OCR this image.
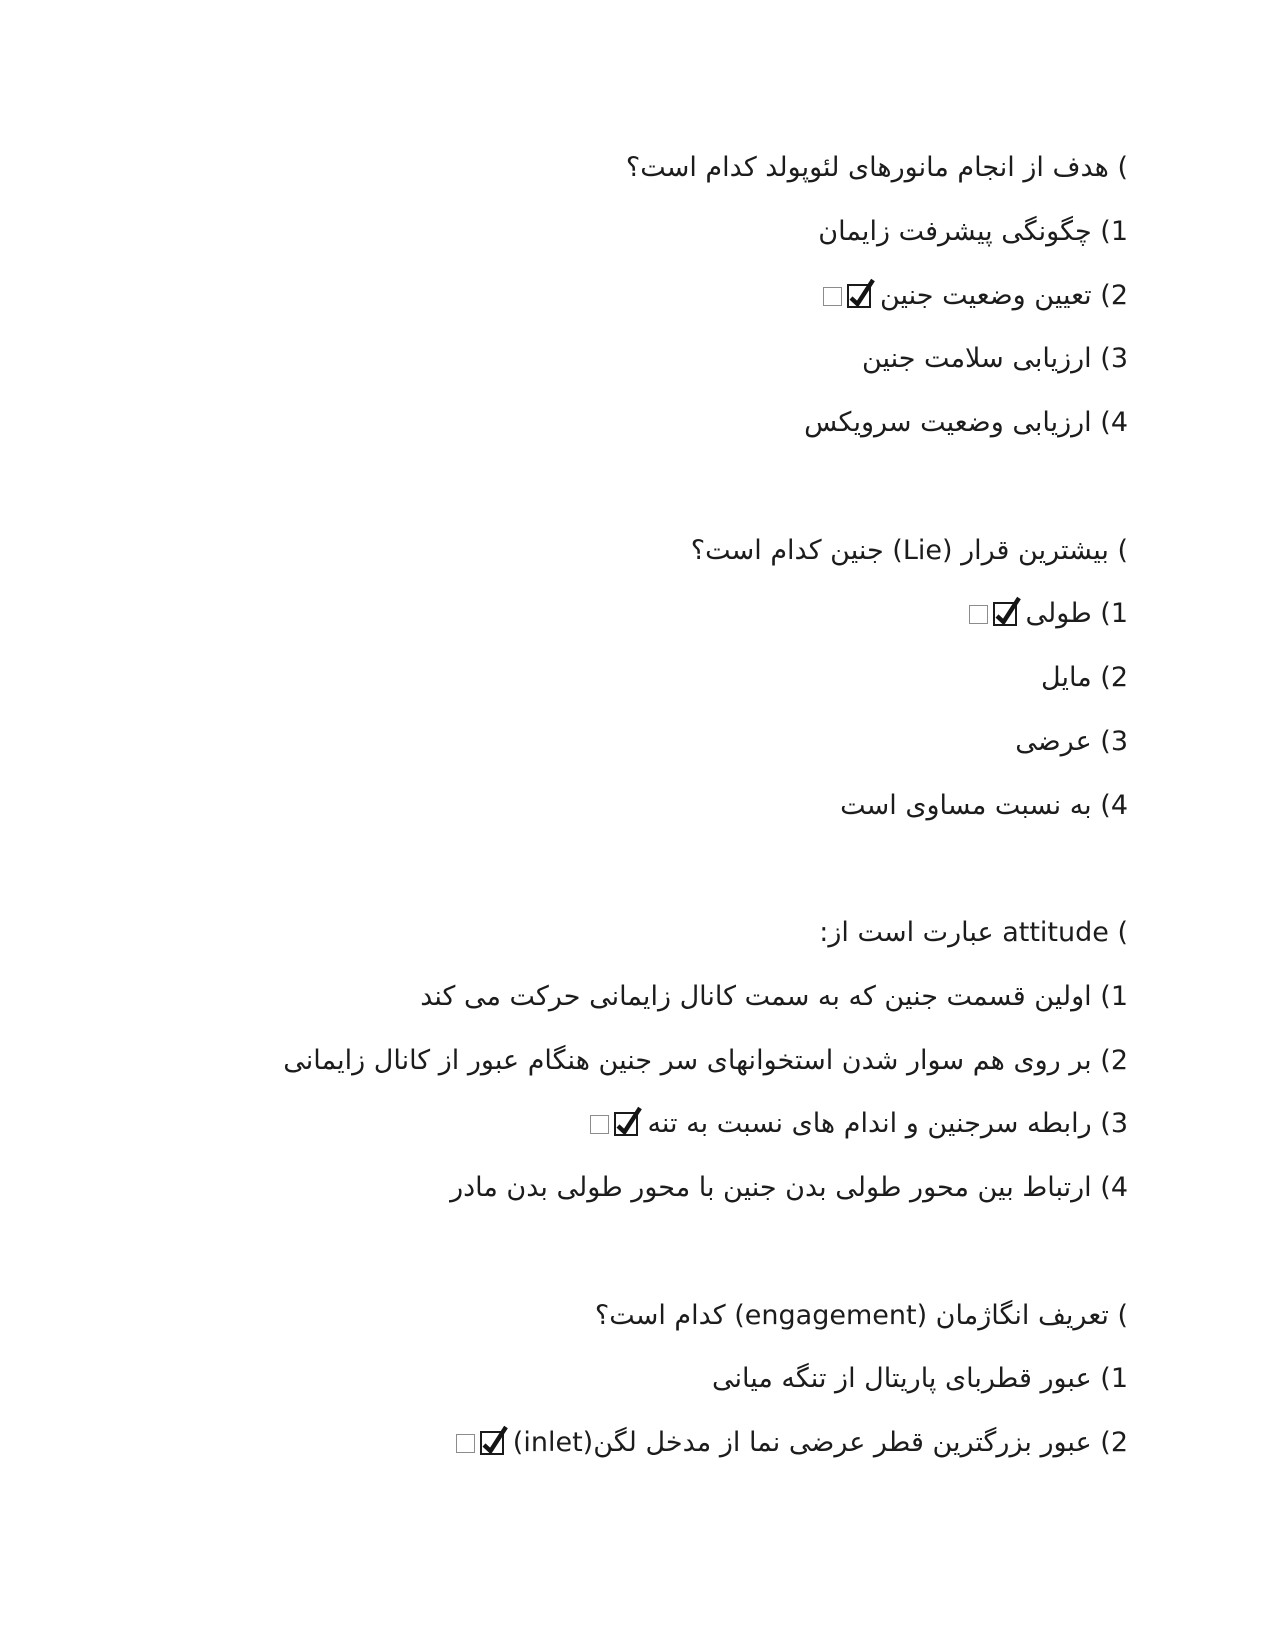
) هدف از انجام مانورهای لئوپولد کدام است؟
1) چگونگی پیشرفت زایمان
2) تعیین وضعیت جنین
3) ارزیابی سلامت جنین
4) ارزیابی وضعیت سرویکس
) بیشترین قرار (Lie) جنین کدام است؟
1) طولی
2) مایل
3) عرضی
4) به نسبت مساوی است
) attitude عبارت است از:
1) اولین قسمت جنین که به سمت کانال زایمانی حرکت می کند
2) بر روی هم سوار شدن استخوانهای سر جنین هنگام عبور از کانال زایمانی
3) رابطه سرجنین و اندام های نسبت به تنه
4) ارتباط بین محور طولی بدن جنین با محور طولی بدن مادر
) تعریف انگاژمان (engagement) کدام است؟
1) عبور قطربای پاریتال از تنگه میانی
2) عبور بزرگترین قطر عرضی نما از مدخل لگن(inlet)
